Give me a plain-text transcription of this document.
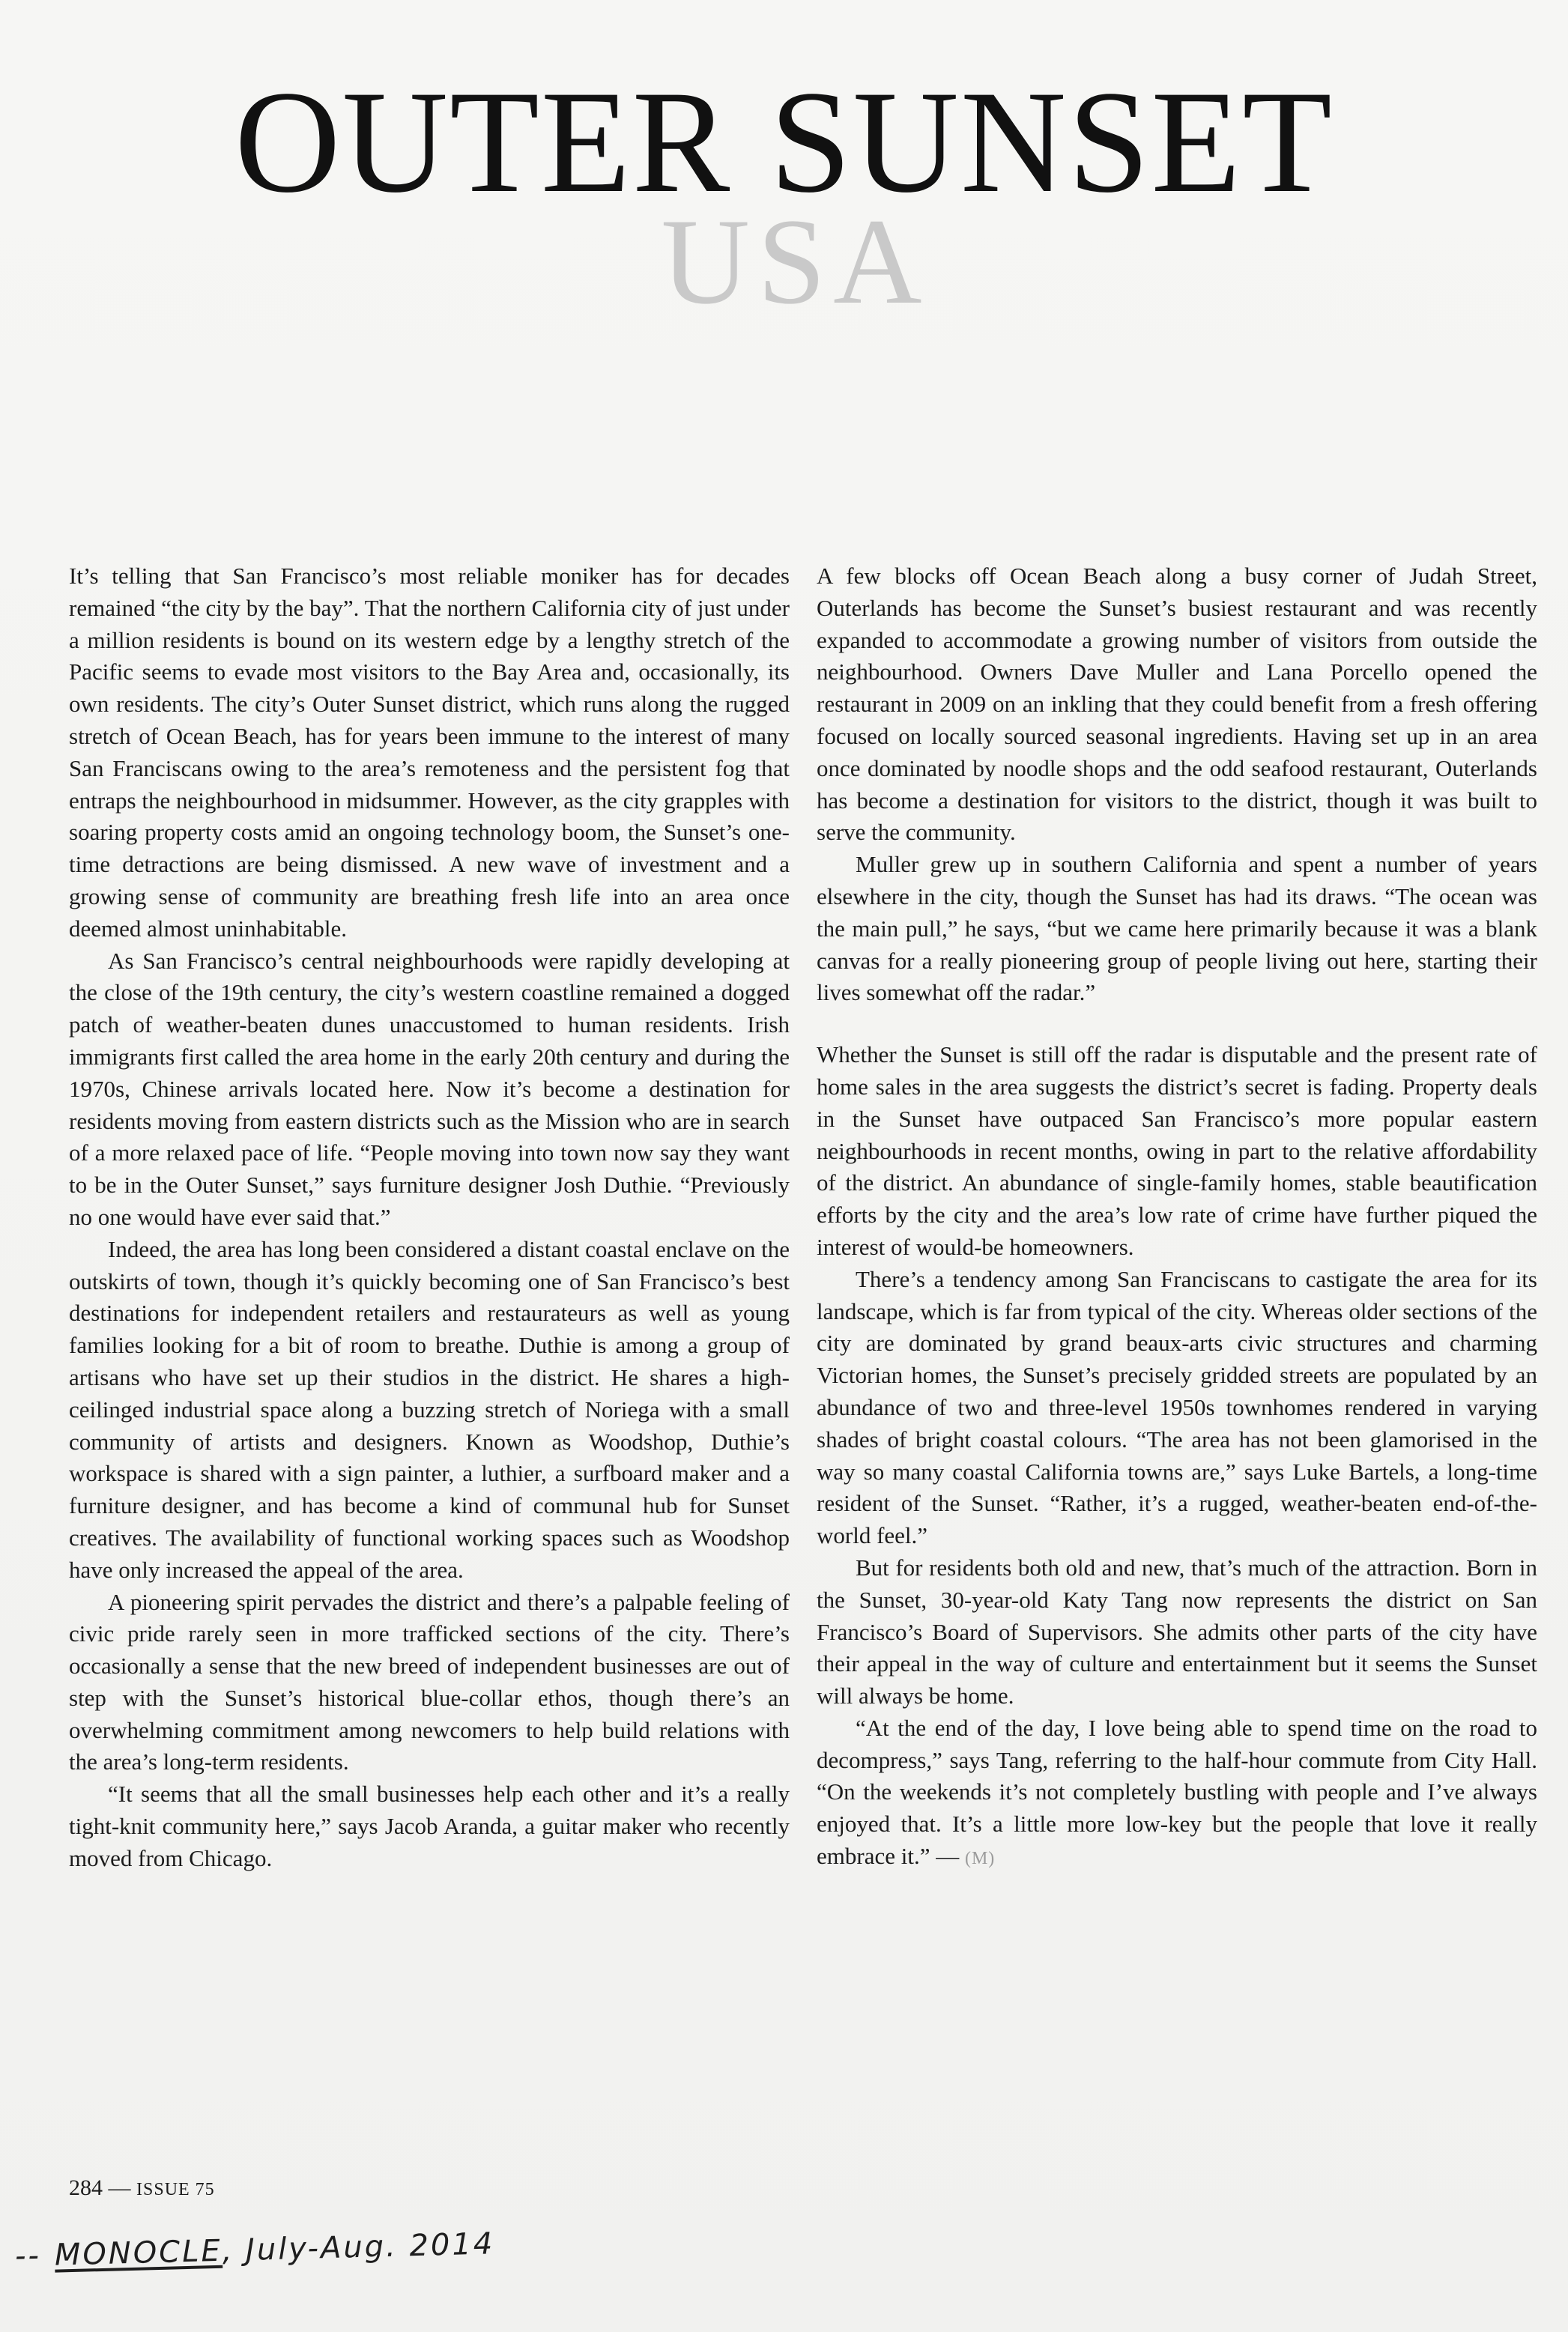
OUTER SUNSET
USA

It’s telling that San Francisco’s most reliable moniker has for decades remained “the city by the bay”. That the northern California city of just under a million residents is bound on its western edge by a lengthy stretch of the Pacific seems to evade most visitors to the Bay Area and, occasionally, its own residents. The city’s Outer Sunset district, which runs along the rugged stretch of Ocean Beach, has for years been immune to the interest of many San Franciscans owing to the area’s remoteness and the persistent fog that entraps the neighbourhood in midsummer. However, as the city grapples with soaring property costs amid an ongoing technology boom, the Sunset’s one-time detractions are being dismissed. A new wave of investment and a growing sense of community are breathing fresh life into an area once deemed almost uninhabitable.

As San Francisco’s central neighbourhoods were rapidly developing at the close of the 19th century, the city’s western coastline remained a dogged patch of weather-beaten dunes unaccustomed to human residents. Irish immigrants first called the area home in the early 20th century and during the 1970s, Chinese arrivals located here. Now it’s become a destination for residents moving from eastern districts such as the Mission who are in search of a more relaxed pace of life. “People moving into town now say they want to be in the Outer Sunset,” says furniture designer Josh Duthie. “Previously no one would have ever said that.”

Indeed, the area has long been considered a distant coastal enclave on the outskirts of town, though it’s quickly becoming one of San Francisco’s best destinations for independent retailers and restaurateurs as well as young families looking for a bit of room to breathe. Duthie is among a group of artisans who have set up their studios in the district. He shares a high-ceilinged industrial space along a buzzing stretch of Noriega with a small community of artists and designers. Known as Woodshop, Duthie’s workspace is shared with a sign painter, a luthier, a surfboard maker and a furniture designer, and has become a kind of communal hub for Sunset creatives. The availability of functional working spaces such as Woodshop have only increased the appeal of the area.

A pioneering spirit pervades the district and there’s a palpable feeling of civic pride rarely seen in more trafficked sections of the city. There’s occasionally a sense that the new breed of independent businesses are out of step with the Sunset’s historical blue-collar ethos, though there’s an overwhelming commitment among newcomers to help build relations with the area’s long-term residents.

“It seems that all the small businesses help each other and it’s a really tight-knit community here,” says Jacob Aranda, a guitar maker who recently moved from Chicago.

A few blocks off Ocean Beach along a busy corner of Judah Street, Outerlands has become the Sunset’s busiest restaurant and was recently expanded to accommodate a growing number of visitors from outside the neighbourhood. Owners Dave Muller and Lana Porcello opened the restaurant in 2009 on an inkling that they could benefit from a fresh offering focused on locally sourced seasonal ingredients. Having set up in an area once dominated by noodle shops and the odd seafood restaurant, Outerlands has become a destination for visitors to the district, though it was built to serve the community.

Muller grew up in southern California and spent a number of years elsewhere in the city, though the Sunset has had its draws. “The ocean was the main pull,” he says, “but we came here primarily because it was a blank canvas for a really pioneering group of people living out here, starting their lives somewhat off the radar.”

Whether the Sunset is still off the radar is disputable and the present rate of home sales in the area suggests the district’s secret is fading. Property deals in the Sunset have outpaced San Francisco’s more popular eastern neighbourhoods in recent months, owing in part to the relative affordability of the district. An abundance of single-family homes, stable beautification efforts by the city and the area’s low rate of crime have further piqued the interest of would-be homeowners.

There’s a tendency among San Franciscans to castigate the area for its landscape, which is far from typical of the city. Whereas older sections of the city are dominated by grand beaux-arts civic structures and charming Victorian homes, the Sunset’s precisely gridded streets are populated by an abundance of two and three-level 1950s townhomes rendered in varying shades of bright coastal colours. “The area has not been glamorised in the way so many coastal California towns are,” says Luke Bartels, a long-time resident of the Sunset. “Rather, it’s a rugged, weather-beaten end-of-the-world feel.”

But for residents both old and new, that’s much of the attraction. Born in the Sunset, 30-year-old Katy Tang now represents the district on San Francisco’s Board of Supervisors. She admits other parts of the city have their appeal in the way of culture and entertainment but it seems the Sunset will always be home.

“At the end of the day, I love being able to spend time on the road to decompress,” says Tang, referring to the half-hour commute from City Hall. “On the weekends it’s not completely bustling with people and I’ve always enjoyed that. It’s a little more low-key but the people that love it really embrace it.” — (M)

284 — ISSUE 75
-- MONOCLE, July-Aug. 2014
